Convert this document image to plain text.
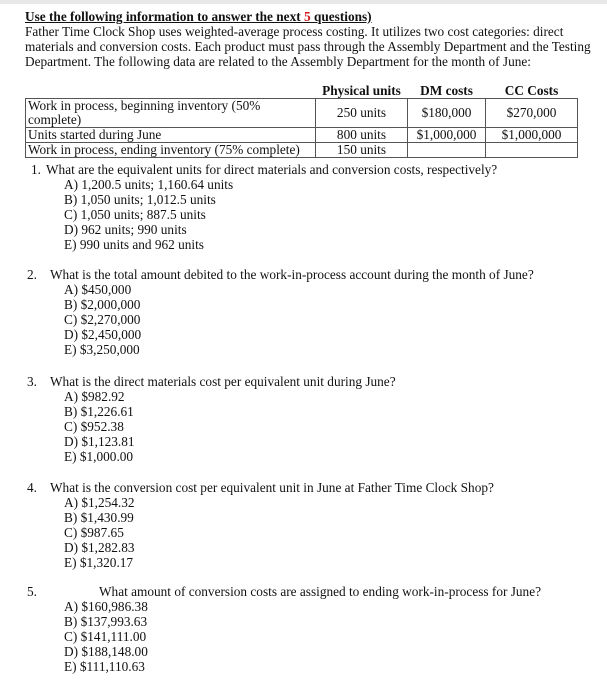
Use the following information to answer the next 5 questions)
Father Time Clock Shop uses weighted-average process costing. It utilizes two cost categories: direct materials and conversion costs. Each product must pass through the Assembly Department and the Testing Department. The following data are related to the Assembly Department for the month of June:
	Physical units	DM costs	CC Costs
Work in process, beginning inventory (50% complete)	250 units	$180,000	$270,000
Units started during June	800 units	$1,000,000	$1,000,000
Work in process, ending inventory (75% complete)	150 units		
1. What are the equivalent units for direct materials and conversion costs, respectively?
A) 1,200.5 units; 1,160.64 units
B) 1,050 units; 1,012.5 units
C) 1,050 units; 887.5 units
D) 962 units; 990 units
E) 990 units and 962 units
2. What is the total amount debited to the work-in-process account during the month of June?
A) $450,000
B) $2,000,000
C) $2,270,000
D) $2,450,000
E) $3,250,000
3. What is the direct materials cost per equivalent unit during June?
A) $982.92
B) $1,226.61
C) $952.38
D) $1,123.81
E) $1,000.00
4. What is the conversion cost per equivalent unit in June at Father Time Clock Shop?
A) $1,254.32
B) $1,430.99
C) $987.65
D) $1,282.83
E) $1,320.17
5.	What amount of conversion costs are assigned to ending work-in-process for June?
A) $160,986.38
B) $137,993.63
C) $141,111.00
D) $188,148.00
E) $111,110.63
